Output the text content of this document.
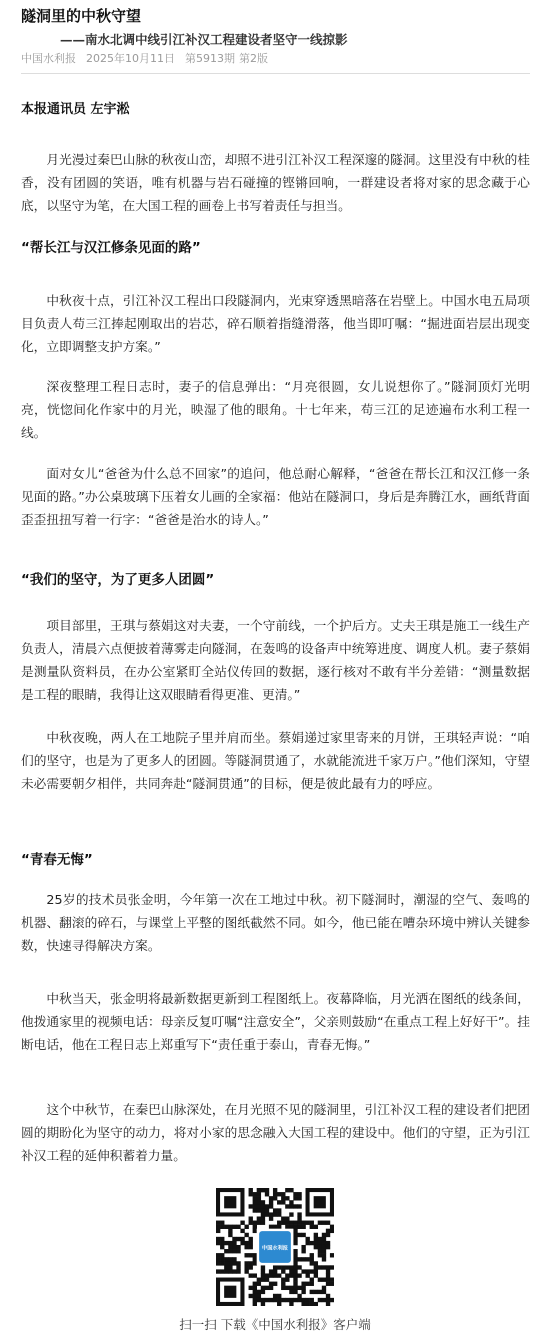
隧洞里的中秋守望
——南水北调中线引江补汉工程建设者坚守一线掠影
中国水利报 2025年10月11日 第5913期 第2版
本报通讯员 左宇淞

月光漫过秦巴山脉的秋夜山峦，却照不进引江补汉工程深邃的隧洞。这里没有中秋的桂香，没有团圆的笑语，唯有机器与岩石碰撞的铿锵回响，一群建设者将对家的思念藏于心底，以坚守为笔，在大国工程的画卷上书写着责任与担当。

“帮长江与汉江修条见面的路”

中秋夜十点，引江补汉工程出口段隧洞内，光束穿透黑暗落在岩壁上。中国水电五局项目负责人苟三江捧起刚取出的岩芯，碎石顺着指缝滑落，他当即叮嘱：“掘进面岩层出现变化，立即调整支护方案。”

深夜整理工程日志时，妻子的信息弹出：“月亮很圆，女儿说想你了。”隧洞顶灯光明亮，恍惚间化作家中的月光，映湿了他的眼角。十七年来，苟三江的足迹遍布水利工程一线。

面对女儿“爸爸为什么总不回家”的追问，他总耐心解释，“爸爸在帮长江和汉江修一条见面的路。”办公桌玻璃下压着女儿画的全家福：他站在隧洞口，身后是奔腾江水，画纸背面歪歪扭扭写着一行字：“爸爸是治水的诗人。”

“我们的坚守，为了更多人团圆”

项目部里，王琪与蔡娟这对夫妻，一个守前线，一个护后方。丈夫王琪是施工一线生产负责人，清晨六点便披着薄雾走向隧洞，在轰鸣的设备声中统筹进度、调度人机。妻子蔡娟是测量队资料员，在办公室紧盯全站仪传回的数据，逐行核对不敢有半分差错：“测量数据是工程的眼睛，我得让这双眼睛看得更准、更清。”

中秋夜晚，两人在工地院子里并肩而坐。蔡娟递过家里寄来的月饼，王琪轻声说：“咱们的坚守，也是为了更多人的团圆。等隧洞贯通了，水就能流进千家万户。”他们深知，守望未必需要朝夕相伴，共同奔赴“隧洞贯通”的目标，便是彼此最有力的呼应。

“青春无悔”

25岁的技术员张金明，今年第一次在工地过中秋。初下隧洞时，潮湿的空气、轰鸣的机器、翻滚的碎石，与课堂上平整的图纸截然不同。如今，他已能在嘈杂环境中辨认关键参数，快速寻得解决方案。

中秋当天，张金明将最新数据更新到工程图纸上。夜幕降临，月光洒在图纸的线条间，他拨通家里的视频电话：母亲反复叮嘱“注意安全”，父亲则鼓励“在重点工程上好好干”。挂断电话，他在工程日志上郑重写下“责任重于泰山，青春无悔。”

这个中秋节，在秦巴山脉深处，在月光照不见的隧洞里，引江补汉工程的建设者们把团圆的期盼化为坚守的动力，将对小家的思念融入大国工程的建设中。他们的守望，正为引江补汉工程的延伸积蓄着力量。

中国水利报
扫一扫 下载《中国水利报》客户端
